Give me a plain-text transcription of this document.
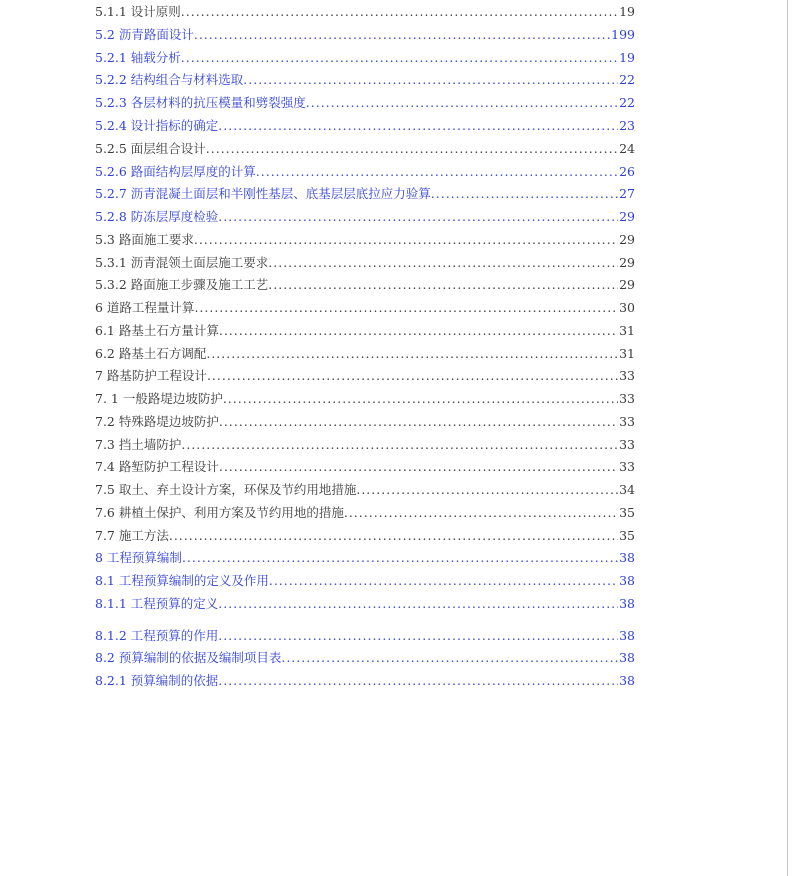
5.1.1 设计原则 .....	19
5.2 沥青路面设计 .....	199
5.2.1 轴载分析 .....	19
5.2.2 结构组合与材料选取 .....	22
5.2.3 各层材料的抗压模量和劈裂强度 .....	22
5.2.4 设计指标的确定 .....	23
5.2.5 面层组合设计 .....	24
5.2.6 路面结构层厚度的计算 .....	26
5.2.7 沥青混凝土面层和半刚性基层、底基层层底拉应力验算 .....	27
5.2.8 防冻层厚度检验 .....	29
5.3 路面施工要求 .....	29
5.3.1 沥青混领土面层施工要求 .....	29
5.3.2 路面施工步骤及施工工艺 .....	29
6 道路工程量计算 .....	30
6.1 路基土石方量计算 .....	31
6.2 路基土石方调配 .....	31
7 路基防护工程设计 .....	33
7. 1 一般路堤边坡防护 .....	33
7.2 特殊路堤边坡防护 .....	33
7.3 挡土墙防护 .....	33
7.4 路堑防护工程设计 .....	33
7.5 取土、弃土设计方案，环保及节约用地措施 .....	34
7.6 耕植土保护、利用方案及节约用地的措施 .....	35
7.7 施工方法 .....	35
8 工程预算编制 .....	38
8.1 工程预算编制的定义及作用 .....	38
8.1.1 工程预算的定义 .....	38
8.1.2 工程预算的作用 .....	38
8.2 预算编制的依据及编制项目表 .....	38
8.2.1 预算编制的依据 .....	38
